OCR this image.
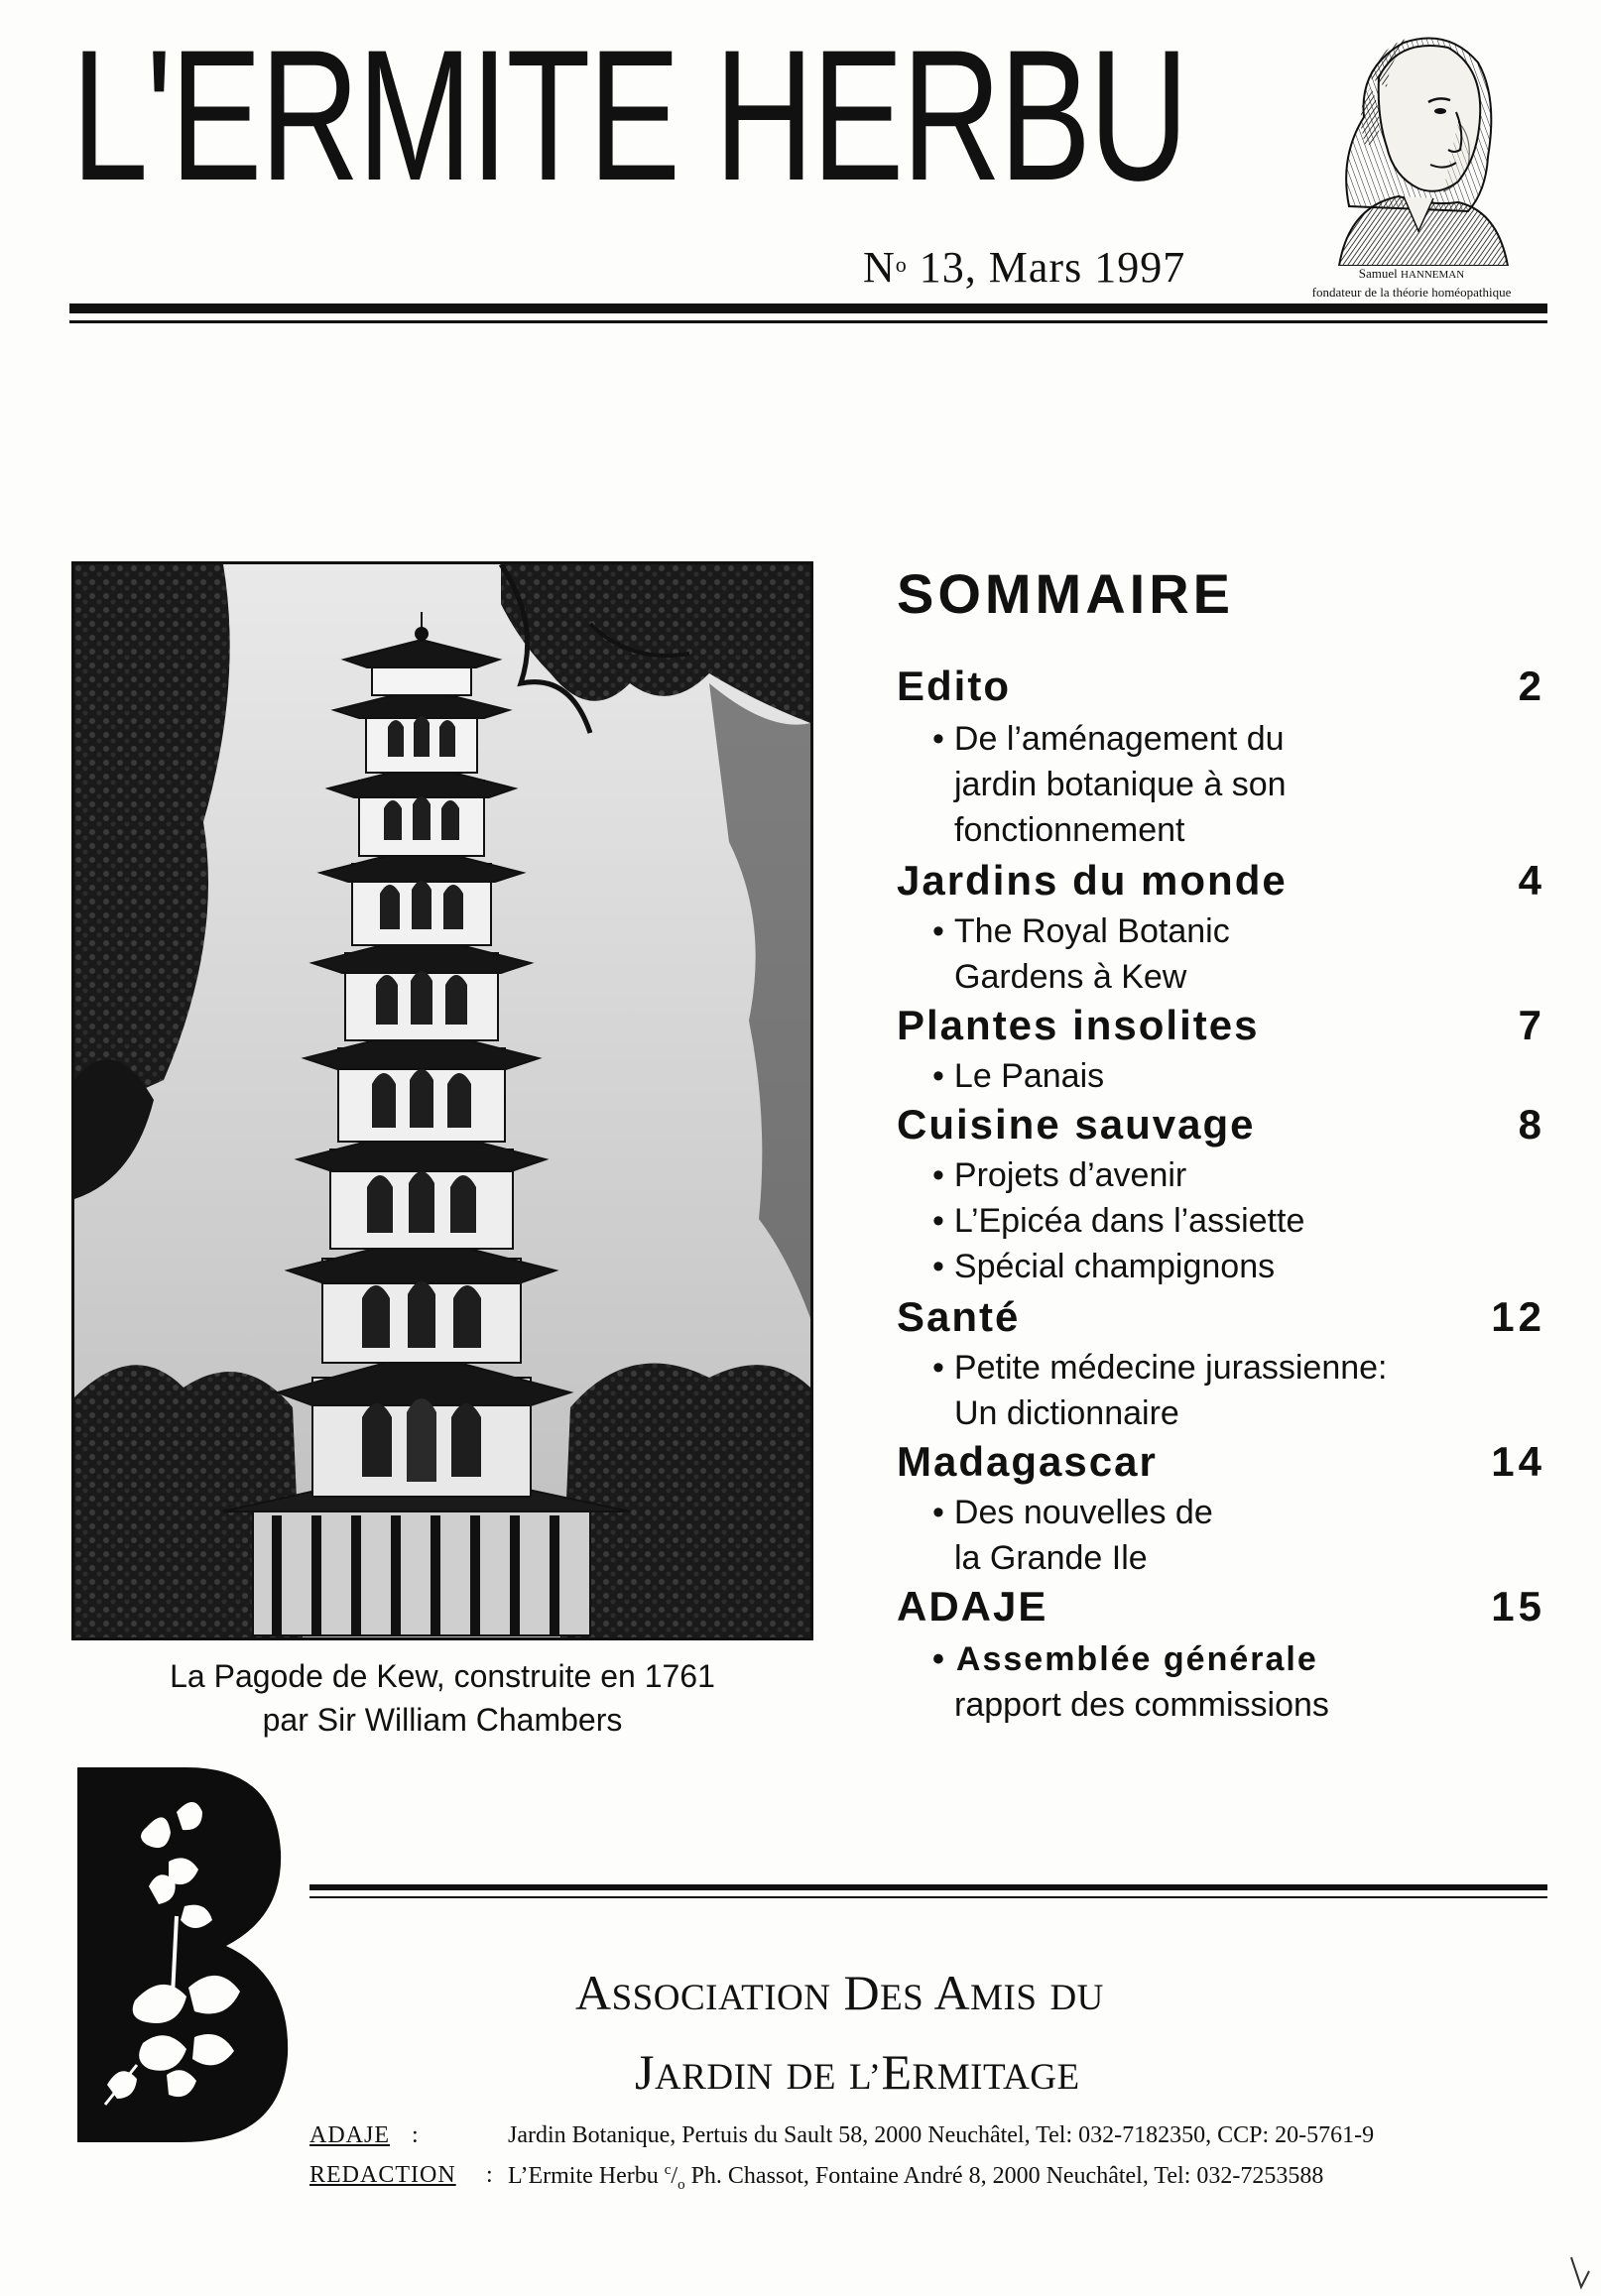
L'ERMITE HERBU
$N^o$ 13, Mars 1997	Samuel HANNEMAN
fondateur de la théorie homéopathique
La Pagode de Kew, construite en 1761
par Sir William Chambers
SOMMAIRE
Edito	2
• De l’aménagement du
jardin botanique à son
fonctionnement
Jardins du monde	4
• The Royal Botanic
Gardens à Kew
Plantes insolites	7
• Le Panais
Cuisine sauvage	8
• Projets d’avenir
• L’Epicéa dans l’assiette
• Spécial champignons
Santé	12
• Petite médecine jurassienne:
Un dictionnaire
Madagascar	14
• Des nouvelles de
la Grande Ile
ADAJE	15
• Assemblée générale
rapport des commissions
ASSOCIATION DES AMIS DU
JARDIN DE L’ERMITAGE
ADAJE :	Jardin Botanique, Pertuis du Sault 58, 2000 Neuchâtel, Tel: 032-7182350, CCP: 20-5761-9
REDACTION : L’Ermite Herbu $^c/_o$ Ph. Chassot, Fontaine André 8, 2000 Neuchâtel, Tel: 032-7253588
